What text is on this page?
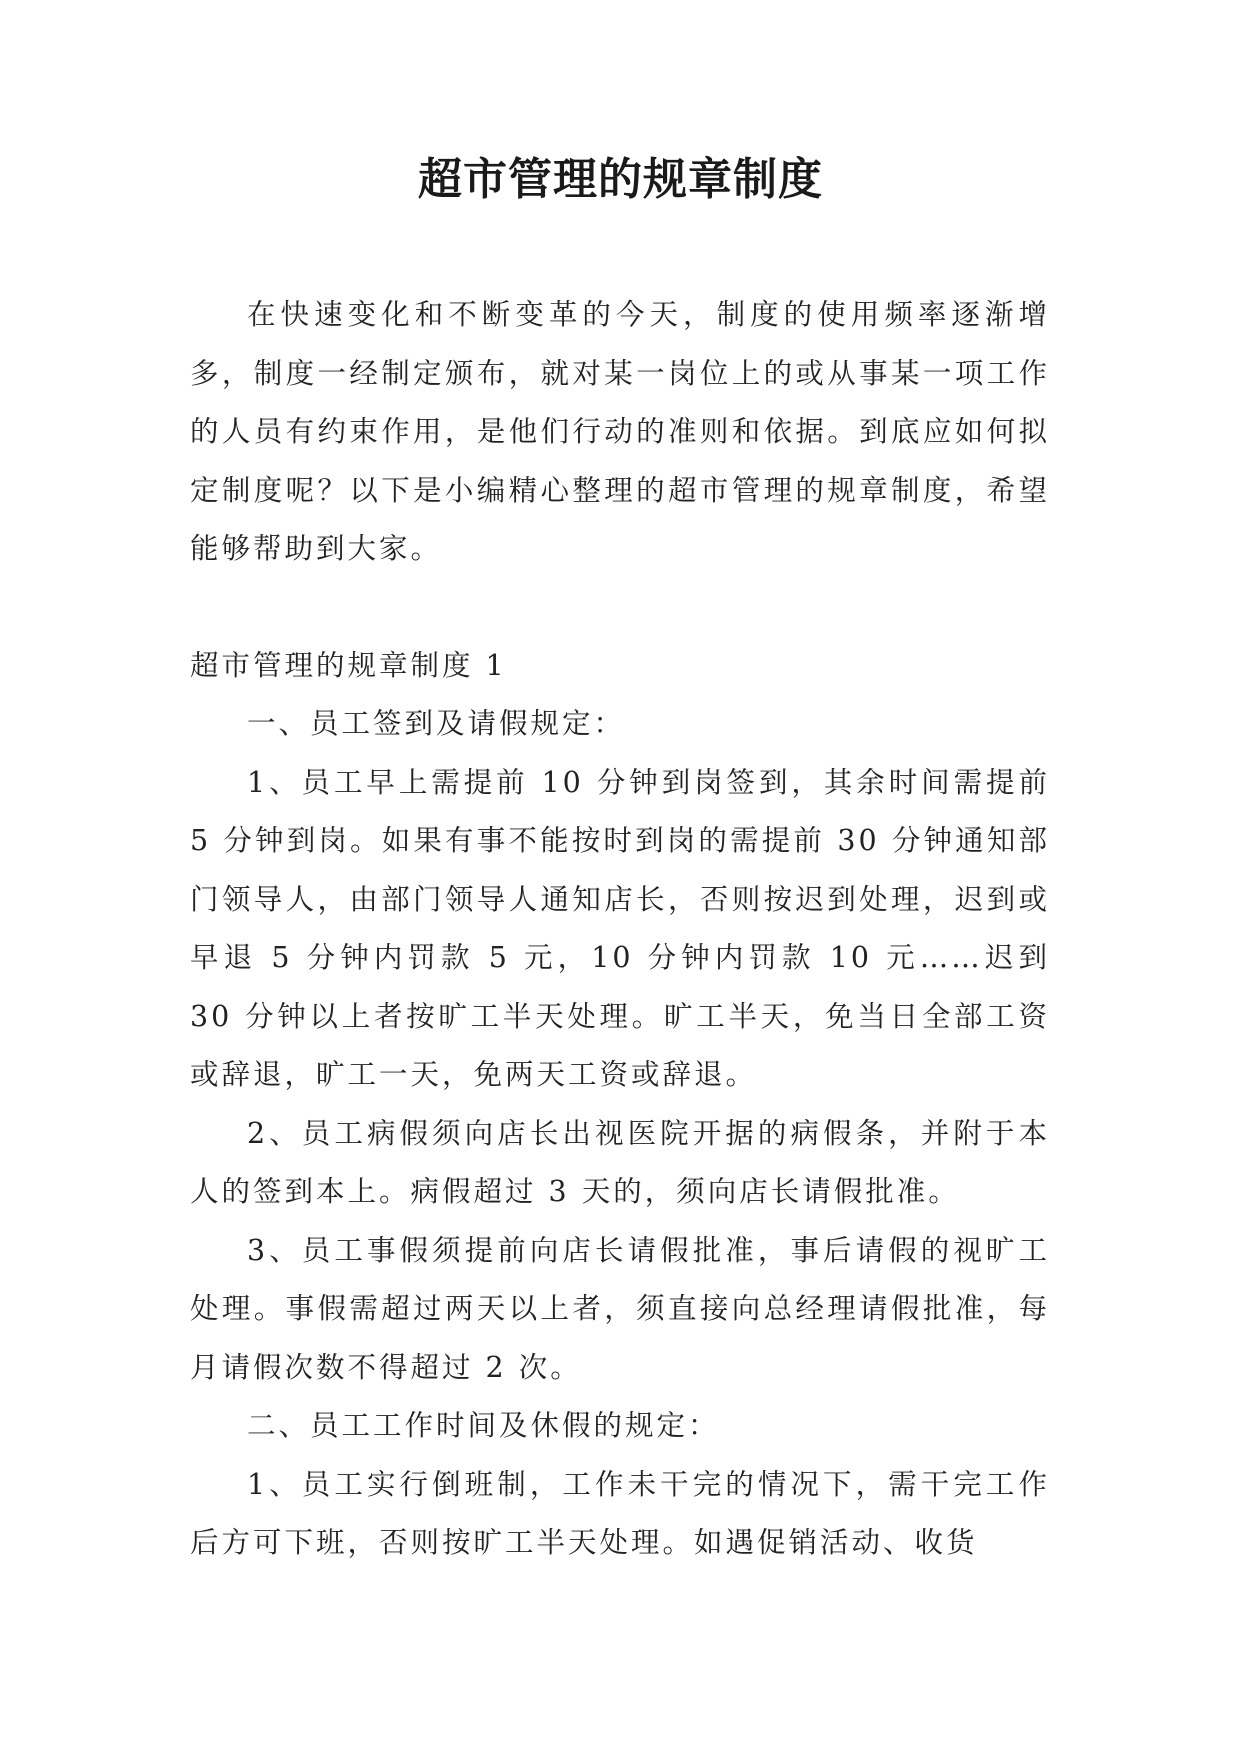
超市管理的规章制度

在快速变化和不断变革的今天，制度的使用频率逐渐增多，制度一经制定颁布，就对某一岗位上的或从事某一项工作的人员有约束作用，是他们行动的准则和依据。到底应如何拟定制度呢？以下是小编精心整理的超市管理的规章制度，希望能够帮助到大家。

超市管理的规章制度 1

一、员工签到及请假规定：

1、员工早上需提前 10 分钟到岗签到，其余时间需提前 5 分钟到岗。如果有事不能按时到岗的需提前 30 分钟通知部门领导人，由部门领导人通知店长，否则按迟到处理，迟到或早退 5 分钟内罚款 5 元，10 分钟内罚款 10 元……迟到 30 分钟以上者按旷工半天处理。旷工半天，免当日全部工资或辞退，旷工一天，免两天工资或辞退。

2、员工病假须向店长出视医院开据的病假条，并附于本人的签到本上。病假超过 3 天的，须向店长请假批准。

3、员工事假须提前向店长请假批准，事后请假的视旷工处理。事假需超过两天以上者，须直接向总经理请假批准，每月请假次数不得超过 2 次。

二、员工工作时间及休假的规定：

1、员工实行倒班制，工作未干完的情况下，需干完工作后方可下班，否则按旷工半天处理。如遇促销活动、收货
